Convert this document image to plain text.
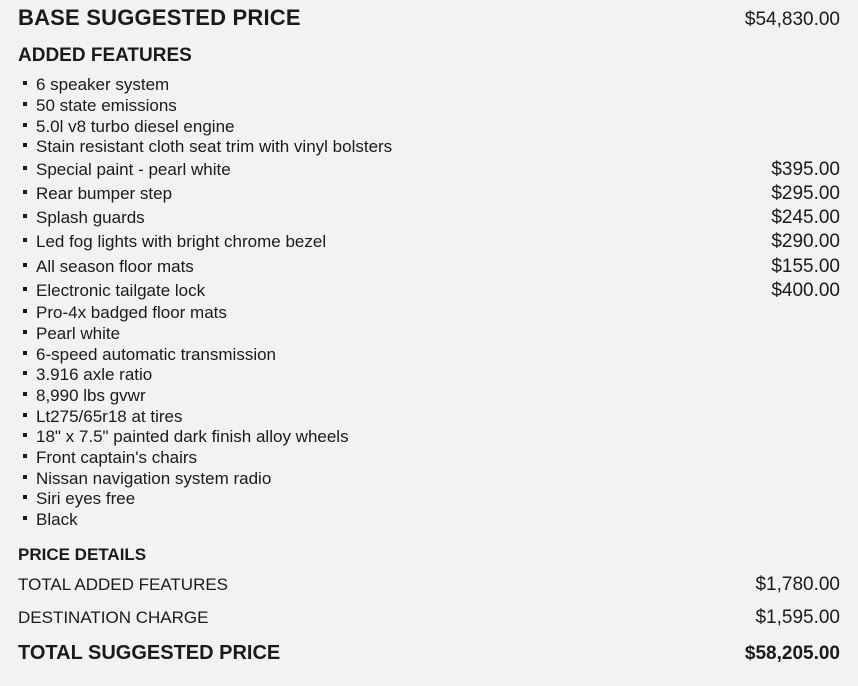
BASE SUGGESTED PRICE	$54,830.00
ADDED FEATURES
6 speaker system
50 state emissions
5.0l v8 turbo diesel engine
Stain resistant cloth seat trim with vinyl bolsters
Special paint - pearl white	$395.00
Rear bumper step	$295.00
Splash guards	$245.00
Led fog lights with bright chrome bezel	$290.00
All season floor mats	$155.00
Electronic tailgate lock	$400.00
Pro-4x badged floor mats
Pearl white
6-speed automatic transmission
3.916 axle ratio
8,990 lbs gvwr
Lt275/65r18 at tires
18" x 7.5" painted dark finish alloy wheels
Front captain's chairs
Nissan navigation system radio
Siri eyes free
Black
PRICE DETAILS
TOTAL ADDED FEATURES	$1,780.00
DESTINATION CHARGE	$1,595.00
TOTAL SUGGESTED PRICE	$58,205.00
